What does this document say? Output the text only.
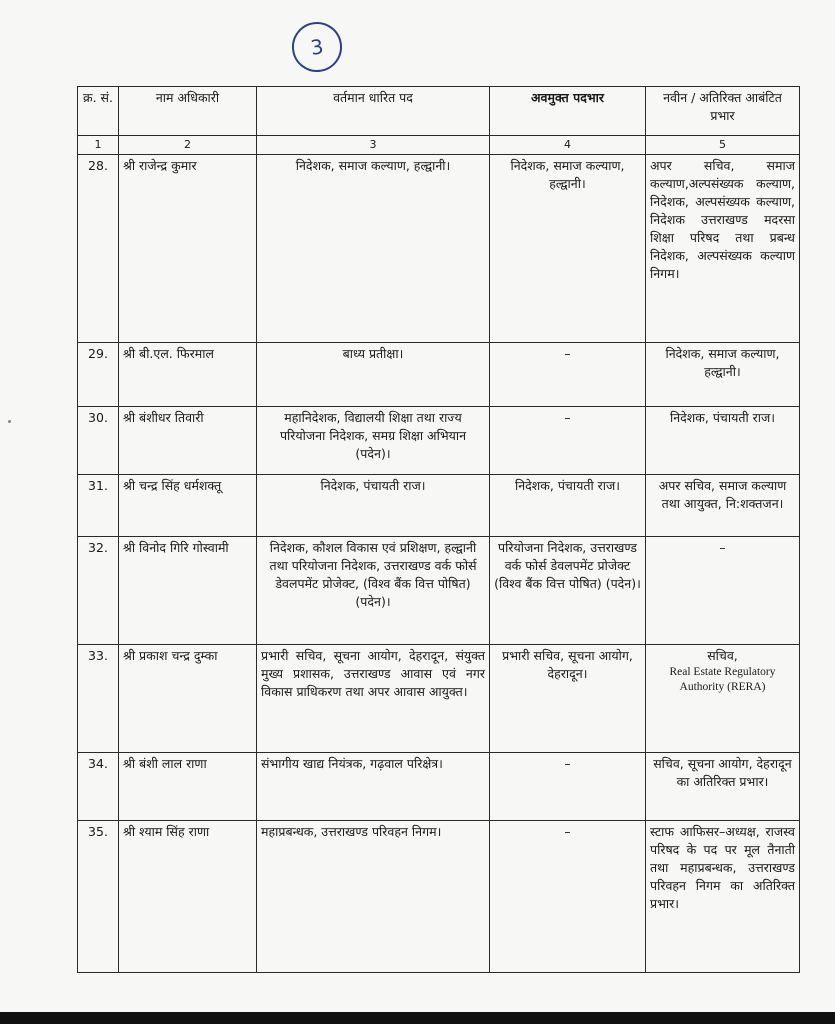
3
क्र. सं.	नाम अधिकारी	वर्तमान धारित पद	अवमुक्त पदभार	नवीन / अतिरिक्त आबंटित प्रभार
1	2	3	4	5
28.	श्री राजेन्द्र कुमार	निदेशक, समाज कल्याण, हल्द्वानी।	निदेशक, समाज कल्याण, हल्द्वानी।	अपर सचिव, समाज कल्याण,अल्पसंख्यक कल्याण, निदेशक, अल्पसंख्यक कल्याण, निदेशक उत्तराखण्ड मदरसा शिक्षा परिषद तथा प्रबन्ध निदेशक, अल्पसंख्यक कल्याण निगम।
29.	श्री बी.एल. फिरमाल	बाध्य प्रतीक्षा।	–	निदेशक, समाज कल्याण, हल्द्वानी।
30.	श्री बंशीधर तिवारी	महानिदेशक, विद्यालयी शिक्षा तथा राज्य परियोजना निदेशक, समग्र शिक्षा अभियान (पदेन)।	–	निदेशक, पंचायती राज।
31.	श्री चन्द्र सिंह धर्मशक्तू	निदेशक, पंचायती राज।	निदेशक, पंचायती राज।	अपर सचिव, समाज कल्याण तथा आयुक्त, नि:शक्तजन।
32.	श्री विनोद गिरि गोस्वामी	निदेशक, कौशल विकास एवं प्रशिक्षण, हल्द्वानी तथा परियोजना निदेशक, उत्तराखण्ड वर्क फोर्स डेवलपमेंट प्रोजेक्ट, (विश्व बैंक वित्त पोषित) (पदेन)।	परियोजना निदेशक, उत्तराखण्ड वर्क फोर्स डेवलपमेंट प्रोजेक्ट (विश्व बैंक वित्त पोषित) (पदेन)।	–
33.	श्री प्रकाश चन्द्र दुम्का	प्रभारी सचिव, सूचना आयोग, देहरादून, संयुक्त मुख्य प्रशासक, उत्तराखण्ड आवास एवं नगर विकास प्राधिकरण तथा अपर आवास आयुक्त।	प्रभारी सचिव, सूचना आयोग, देहरादून।	सचिव,
Real Estate Regulatory Authority (RERA)

34.	श्री बंशी लाल राणा	संभागीय खाद्य नियंत्रक, गढ़वाल परिक्षेत्र।	–	सचिव, सूचना आयोग, देहरादून का अतिरिक्त प्रभार।
35.	श्री श्याम सिंह राणा	महाप्रबन्धक, उत्तराखण्ड परिवहन निगम।	–	स्टाफ आफिसर–अध्यक्ष, राजस्व परिषद के पद पर मूल तैनाती तथा महाप्रबन्धक, उत्तराखण्ड परिवहन निगम का अतिरिक्त प्रभार।
